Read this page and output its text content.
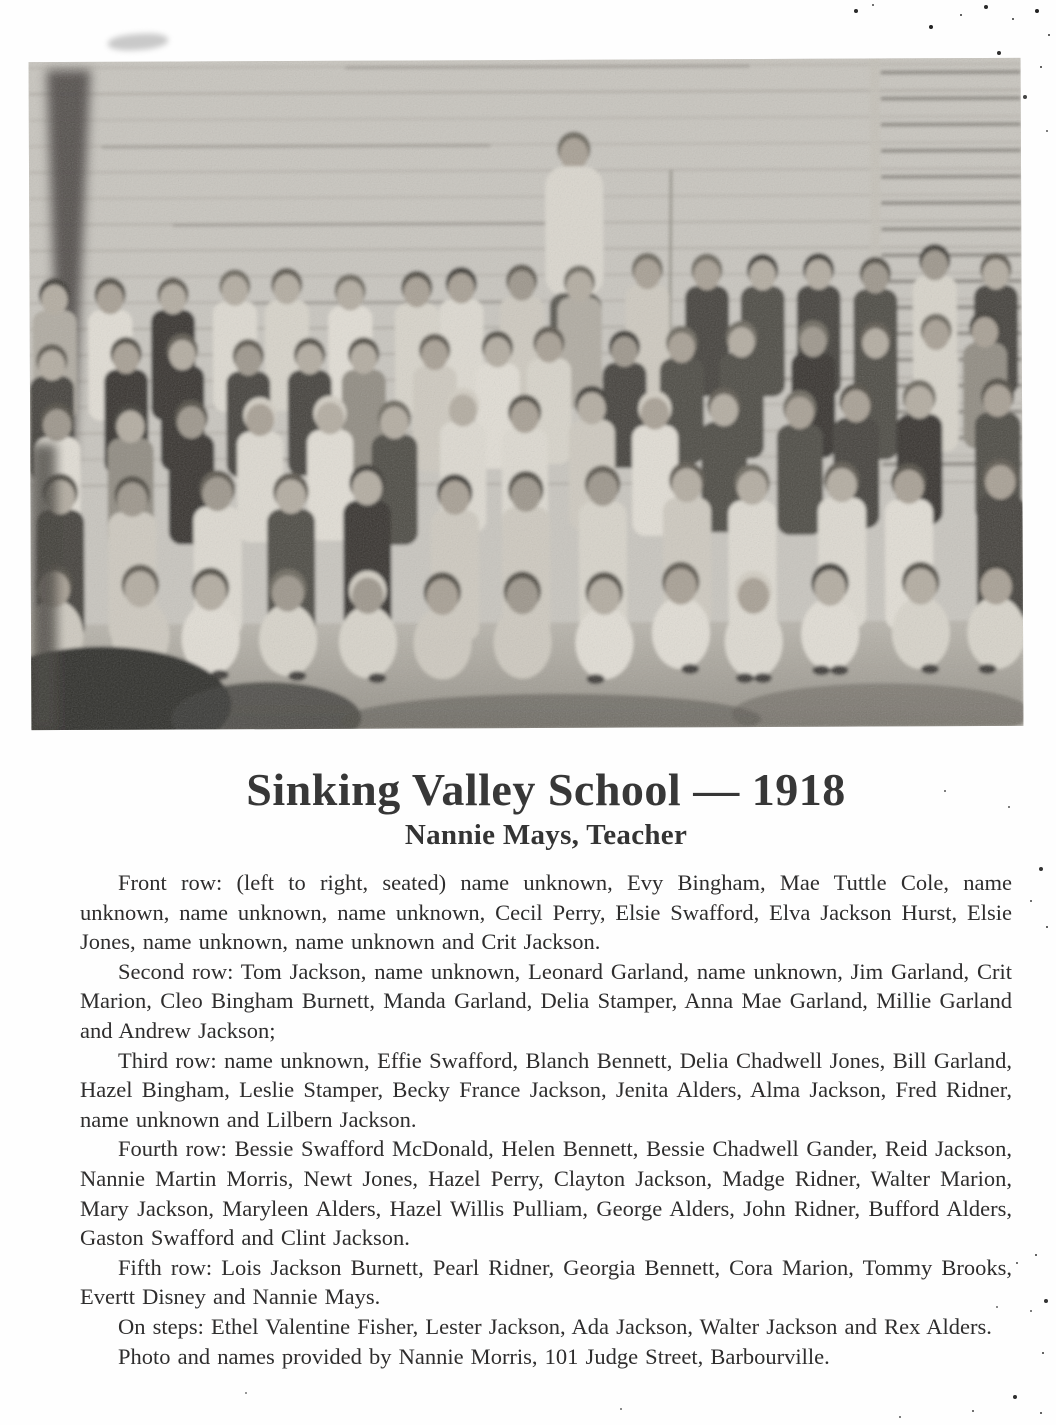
Sinking Valley School — 1918
Nannie Mays, Teacher

Front row: (left to right, seated) name unknown, Evy Bingham, Mae Tuttle Cole, name unknown, name unknown, name unknown, Cecil Perry, Elsie Swafford, Elva Jackson Hurst, Elsie Jones, name unknown, name unknown and Crit Jackson.

Second row: Tom Jackson, name unknown, Leonard Garland, name unknown, Jim Garland, Crit Marion, Cleo Bingham Burnett, Manda Garland, Delia Stamper, Anna Mae Garland, Millie Garland and Andrew Jackson;

Third row: name unknown, Effie Swafford, Blanch Bennett, Delia Chadwell Jones, Bill Garland, Hazel Bingham, Leslie Stamper, Becky France Jackson, Jenita Alders, Alma Jackson, Fred Ridner, name unknown and Lilbern Jackson.

Fourth row: Bessie Swafford McDonald, Helen Bennett, Bessie Chadwell Gander, Reid Jackson, Nannie Martin Morris, Newt Jones, Hazel Perry, Clayton Jackson, Madge Ridner, Walter Marion, Mary Jackson, Maryleen Alders, Hazel Willis Pulliam, George Alders, John Ridner, Bufford Alders, Gaston Swafford and Clint Jackson.

Fifth row: Lois Jackson Burnett, Pearl Ridner, Georgia Bennett, Cora Marion, Tommy Brooks, Evertt Disney and Nannie Mays.

On steps: Ethel Valentine Fisher, Lester Jackson, Ada Jackson, Walter Jackson and Rex Alders.

Photo and names provided by Nannie Morris, 101 Judge Street, Barbourville.
